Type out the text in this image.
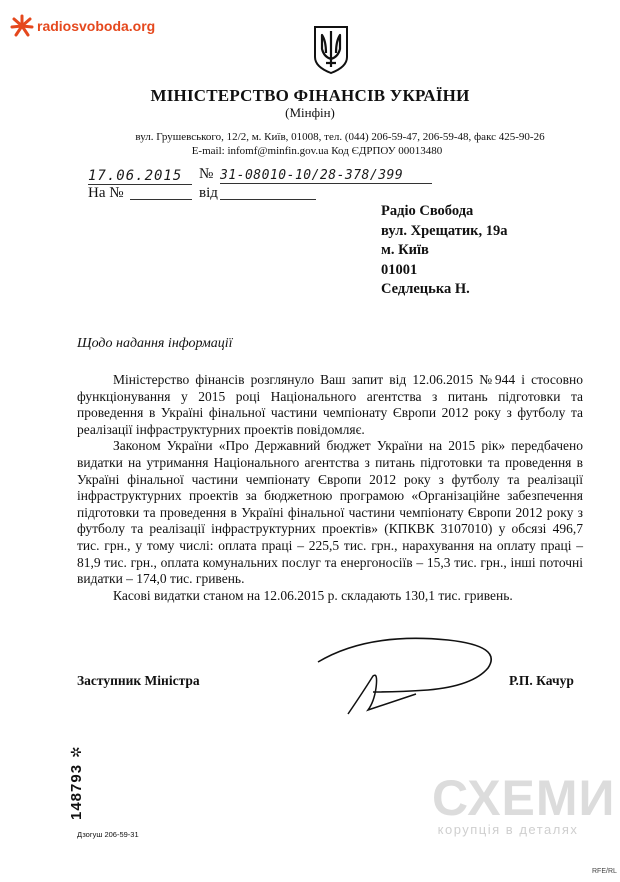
radiosvoboda.org
МІНІСТЕРСТВО ФІНАНСІВ УКРАЇНИ
(Мінфін)
вул. Грушевського, 12/2, м. Київ, 01008, тел. (044) 206-59-47, 206-59-48, факс 425-90-26
E-mail: infomf@minfin.gov.ua Код ЄДРПОУ 00013480
17.06.2015	№ 31-08010-10/28-378/399
На №	від
Радіо Свобода
вул. Хрещатик, 19а
м. Київ
01001
Седлецька Н.
Щодо надання інформації

Міністерство фінансів розглянуло Ваш запит від 12.06.2015 №944 і стосовно функціонування у 2015 році Національного агентства з питань підготовки та проведення в Україні фінальної частини чемпіонату Європи 2012 року з футболу та реалізації інфраструктурних проектів повідомляє.

Законом України «Про Державний бюджет України на 2015 рік» передбачено видатки на утримання Національного агентства з питань підготовки та проведення в Україні фінальної частини чемпіонату Європи 2012 року з футболу та реалізації інфраструктурних проектів за бюджетною програмою «Організаційне забезпечення підготовки та проведення в Україні фінальної частини чемпіонату Європи 2012 року з футболу та реалізації інфраструктурних проектів» (КПКВК 3107010) у обсязі 496,7 тис. грн., у тому числі: оплата праці – 225,5 тис. грн., нарахування на оплату праці – 81,9 тис. грн., оплата комунальних послуг та енергоносіїв – 15,3 тис. грн., інші поточні видатки – 174,0 тис. гривень.

Касові видатки станом на 12.06.2015 р. складають 130,1 тис. гривень.

Заступник Міністра	Р.П. Качур
148793
✲
Дзогуш 206-59-31
СХЕМИ
корупція в деталях
RFE/RL
